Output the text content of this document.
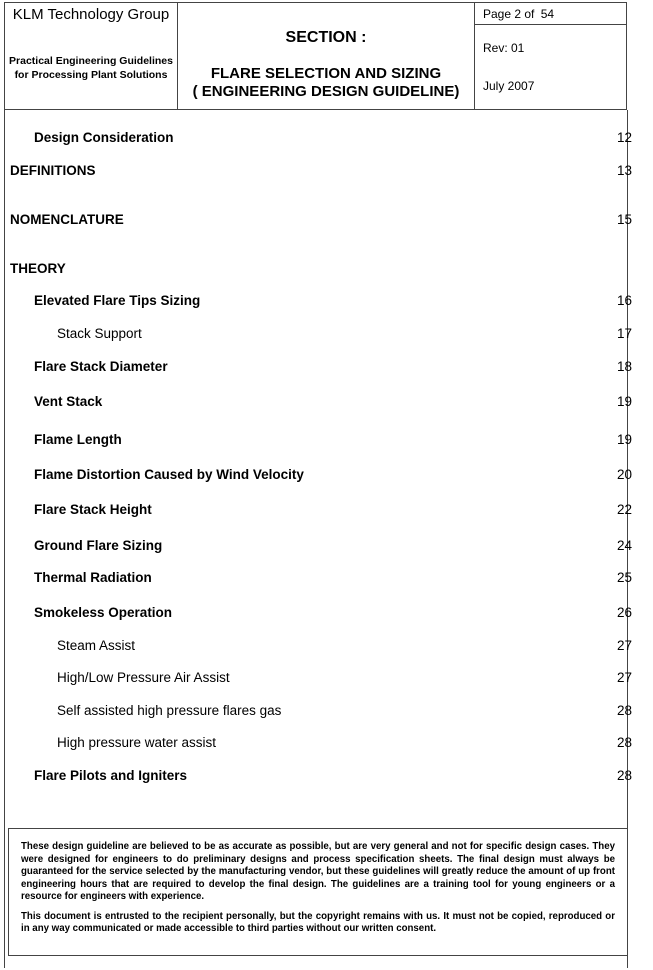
KLM Technology Group
Practical Engineering Guidelines for Processing Plant Solutions
SECTION :
FLARE SELECTION AND SIZING
( ENGINEERING DESIGN GUIDELINE)
Page 2 of 54
Rev: 01
July 2007
Design Consideration	12
DEFINITIONS	13
NOMENCLATURE	15
THEORY
Elevated Flare Tips Sizing	16
Stack Support	17
Flare Stack Diameter	18
Vent Stack	19
Flame Length	19
Flame Distortion Caused by Wind Velocity	20
Flare Stack Height	22
Ground Flare Sizing	24
Thermal Radiation	25
Smokeless Operation	26
Steam Assist	27
High/Low Pressure Air Assist	27
Self assisted high pressure flares gas	28
High pressure water assist	28
Flare Pilots and Igniters	28

These design guideline are believed to be as accurate as possible, but are very general and not for specific design cases. They were designed for engineers to do preliminary designs and process specification sheets. The final design must always be guaranteed for the service selected by the manufacturing vendor, but these guidelines will greatly reduce the amount of up front engineering hours that are required to develop the final design. The guidelines are a training tool for young engineers or a resource for engineers with experience.

This document is entrusted to the recipient personally, but the copyright remains with us. It must not be copied, reproduced or in any way communicated or made accessible to third parties without our written consent.
